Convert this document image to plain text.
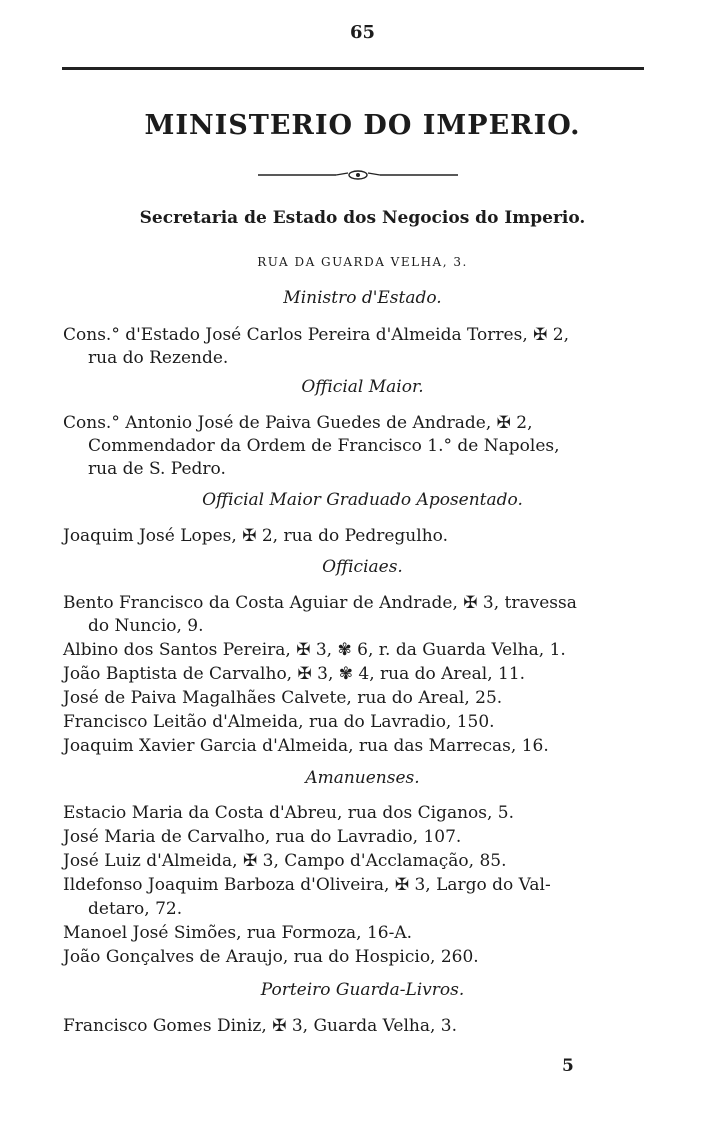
65
MINISTERIO DO IMPERIO.
Secretaria de Estado dos Negocios do Imperio.
RUA DA GUARDA VELHA, 3.
Ministro d'Estado.
Cons.° d'Estado José Carlos Pereira d'Almeida Torres, ✠ 2,
rua do Rezende.
Official Maior.
Cons.° Antonio José de Paiva Guedes de Andrade, ✠ 2,
Commendador da Ordem de Francisco 1.° de Napoles,
rua de S. Pedro.
Official Maior Graduado Aposentado.
Joaquim José Lopes, ✠ 2, rua do Pedregulho.
Officiaes.
Bento Francisco da Costa Aguiar de Andrade, ✠ 3, travessa
do Nuncio, 9.
Albino dos Santos Pereira, ✠ 3, ✾ 6, r. da Guarda Velha, 1.
João Baptista de Carvalho, ✠ 3, ✾ 4, rua do Areal, 11.
José de Paiva Magalhães Calvete, rua do Areal, 25.
Francisco Leitão d'Almeida, rua do Lavradio, 150.
Joaquim Xavier Garcia d'Almeida, rua das Marrecas, 16.
Amanuenses.
Estacio Maria da Costa d'Abreu, rua dos Ciganos, 5.
José Maria de Carvalho, rua do Lavradio, 107.
José Luiz d'Almeida, ✠ 3, Campo d'Acclamação, 85.
Ildefonso Joaquim Barboza d'Oliveira, ✠ 3, Largo do Val-
detaro, 72.
Manoel José Simões, rua Formoza, 16-A.
João Gonçalves de Araujo, rua do Hospicio, 260.
Porteiro Guarda-Livros.
Francisco Gomes Diniz, ✠ 3, Guarda Velha, 3.
5
